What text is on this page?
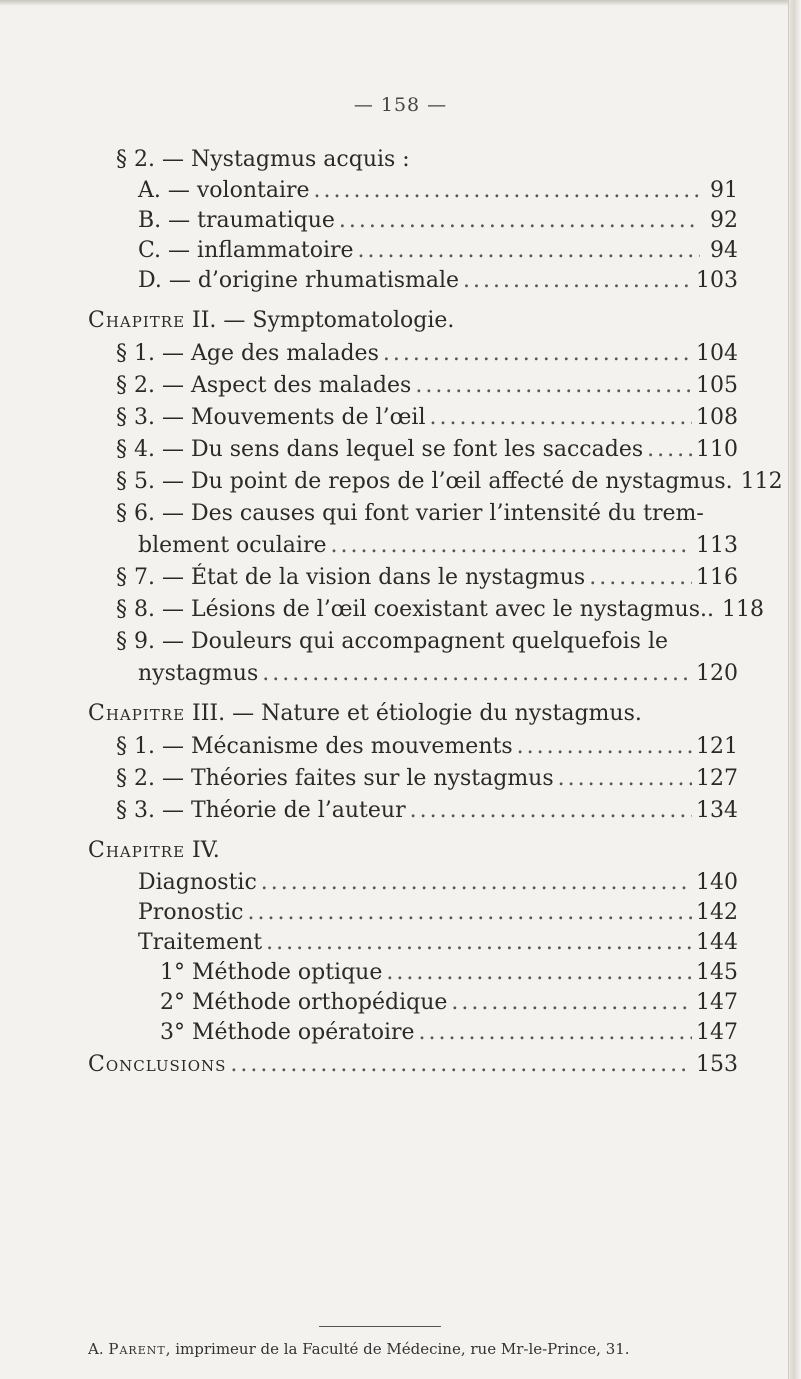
— 158 —
§ 2. — Nystagmus acquis :
A. — volontaire .....	91
B. — traumatique .....	92
C. — inflammatoire .....	94
D. — d’origine rhumatismale .....	103
Chapitre II. — Symptomatologie.
§ 1. — Age des malades .....	104
§ 2. — Aspect des malades .....	105
§ 3. — Mouvements de l’œil .....	108
§ 4. — Du sens dans lequel se font les saccades ..... 110
§ 5. — Du point de repos de l’œil affecté de nystagmus. 112
§ 6. — Des causes qui font varier l’intensité du trem-
blement oculaire .....	113
§ 7. — État de la vision dans le nystagmus .....	116
§ 8. — Lésions de l’œil coexistant avec le nystagmus.. 118
§ 9. — Douleurs qui accompagnent quelquefois le
nystagmus .....	120
Chapitre III. — Nature et étiologie du nystagmus.
§ 1. — Mécanisme des mouvements .....	121
§ 2. — Théories faites sur le nystagmus .....	127
§ 3. — Théorie de l’auteur .....	134
Chapitre IV.
Diagnostic .....	140
Pronostic .....	142
Traitement .....	144
1° Méthode optique .....	145
2° Méthode orthopédique .....	147
3° Méthode opératoire .....	147
Conclusions .....	153
A. Parent, imprimeur de la Faculté de Médecine, rue Mr-le-Prince, 31.
